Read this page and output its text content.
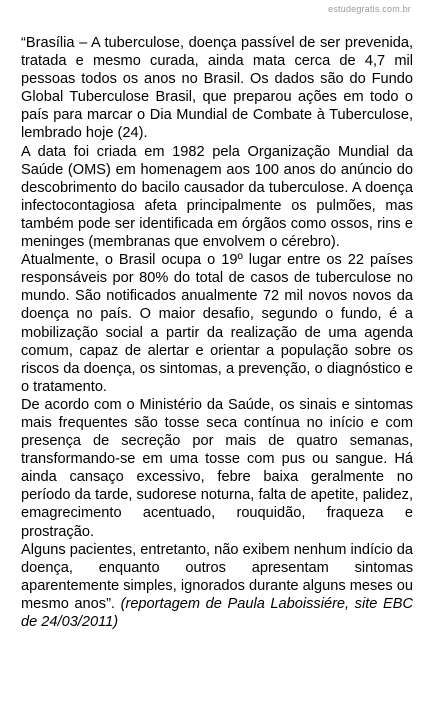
estudegratis.com.br

“Brasília – A tuberculose, doença passível de ser prevenida, tratada e mesmo curada, ainda mata cerca de 4,7 mil pessoas todos os anos no Brasil. Os dados são do Fundo Global Tuberculose Brasil, que preparou ações em todo o país para marcar o Dia Mundial de Combate à Tuberculose, lembrado hoje (24).

A data foi criada em 1982 pela Organização Mundial da Saúde (OMS) em homenagem aos 100 anos do anúncio do descobrimento do bacilo causador da tuberculose. A doença infectocontagiosa afeta principalmente os pulmões, mas também pode ser identificada em órgãos como ossos, rins e meninges (membranas que envolvem o cérebro).

Atualmente, o Brasil ocupa o 19º lugar entre os 22 países responsáveis por 80% do total de casos de tuberculose no mundo. São notificados anualmente 72 mil novos novos da doença no país. O maior desafio, segundo o fundo, é a mobilização social a partir da realização de uma agenda comum, capaz de alertar e orientar a população sobre os riscos da doença, os sintomas, a prevenção, o diagnóstico e o tratamento.

De acordo com o Ministério da Saúde, os sinais e sintomas mais frequentes são tosse seca contínua no início e com presença de secreção por mais de quatro semanas, transformando-se em uma tosse com pus ou sangue. Há ainda cansaço excessivo, febre baixa geralmente no período da tarde, sudorese noturna, falta de apetite, palidez, emagrecimento acentuado, rouquidão, fraqueza e prostração.

Alguns pacientes, entretanto, não exibem nenhum indício da doença, enquanto outros apresentam sintomas aparentemente simples, ignorados durante alguns meses ou mesmo anos”. (reportagem de Paula Laboissiére, site EBC de 24/03/2011)
